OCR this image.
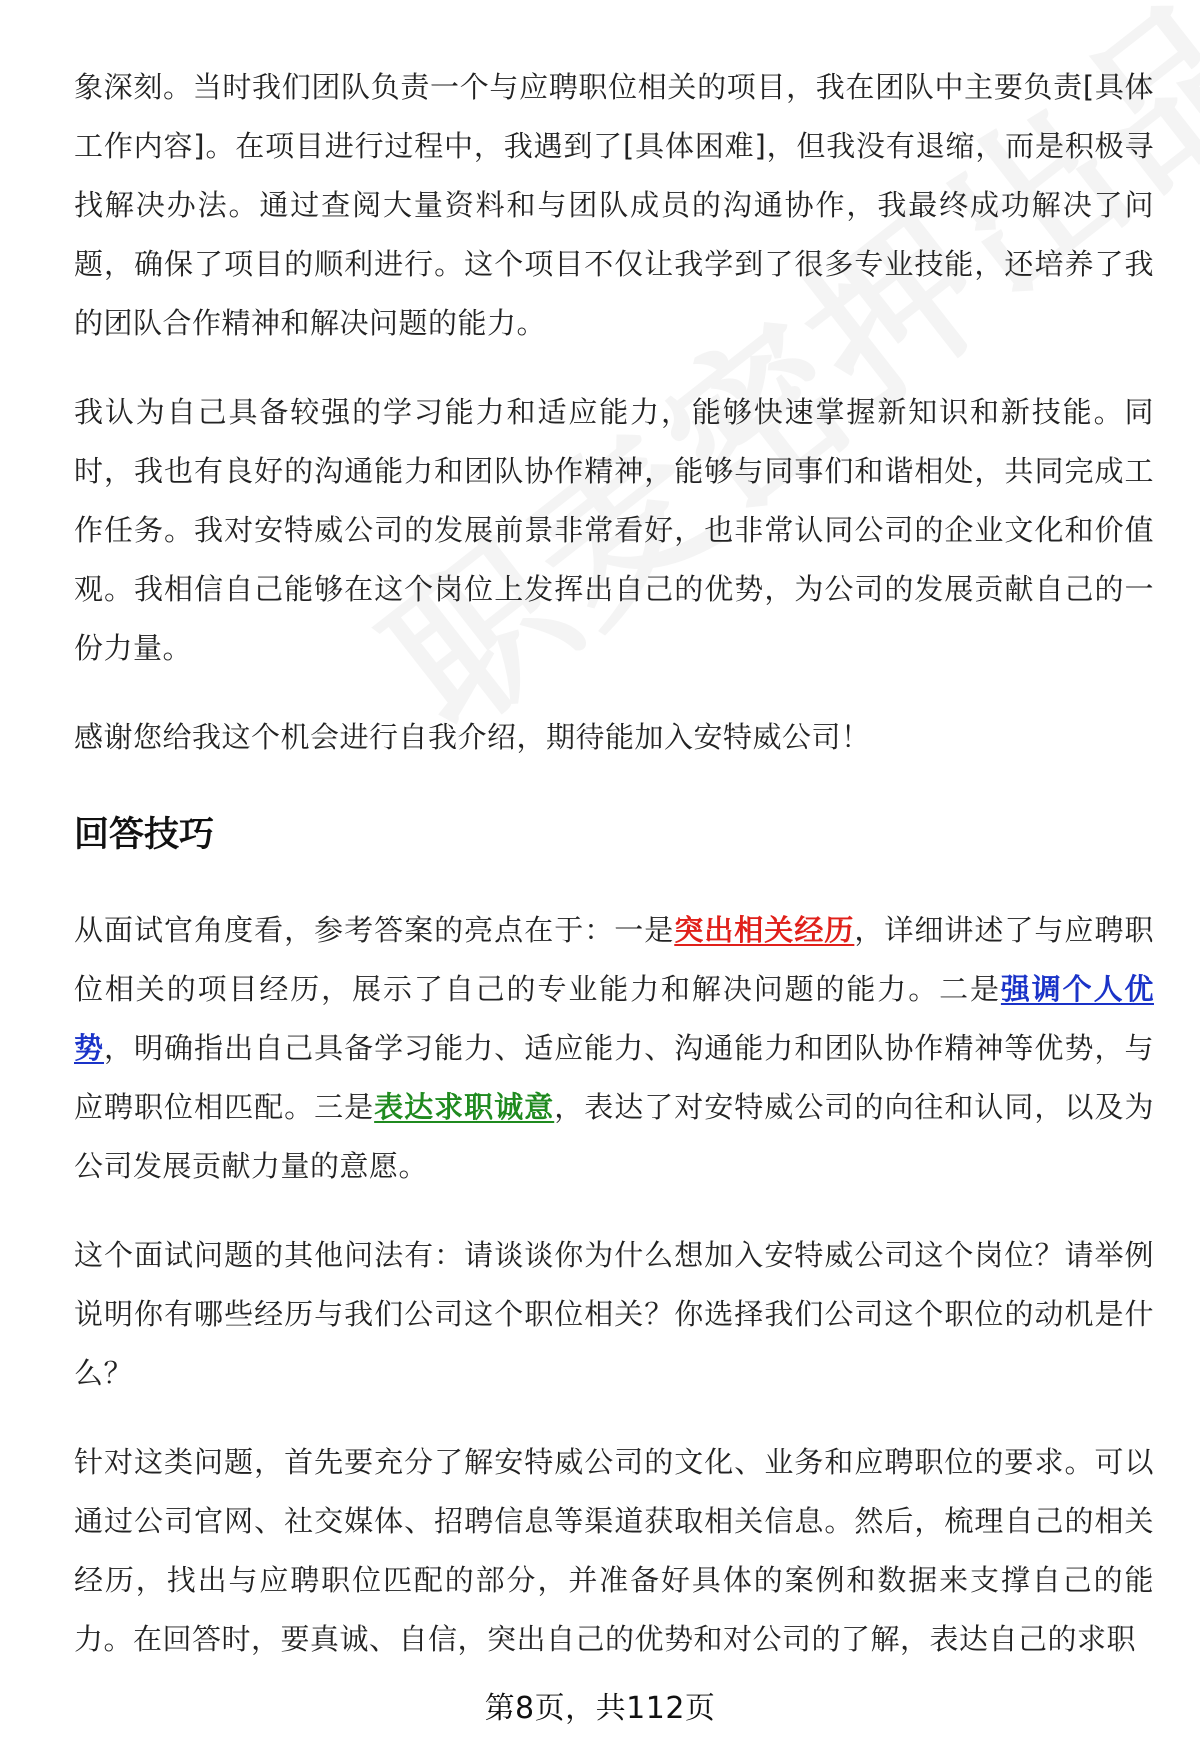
象深刻。当时我们团队负责一个与应聘职位相关的项目，我在团队中主要负责[具体工作内容]。在项目进行过程中，我遇到了[具体困难]，但我没有退缩，而是积极寻找解决办法。通过查阅大量资料和与团队成员的沟通协作，我最终成功解决了问题，确保了项目的顺利进行。这个项目不仅让我学到了很多专业技能，还培养了我的团队合作精神和解决问题的能力。

我认为自己具备较强的学习能力和适应能力，能够快速掌握新知识和新技能。同时，我也有良好的沟通能力和团队协作精神，能够与同事们和谐相处，共同完成工作任务。我对安特威公司的发展前景非常看好，也非常认同公司的企业文化和价值观。我相信自己能够在这个岗位上发挥出自己的优势，为公司的发展贡献自己的一份力量。

感谢您给我这个机会进行自我介绍，期待能加入安特威公司！

回答技巧

从面试官角度看，参考答案的亮点在于：一是突出相关经历，详细讲述了与应聘职位相关的项目经历，展示了自己的专业能力和解决问题的能力。二是强调个人优势，明确指出自己具备学习能力、适应能力、沟通能力和团队协作精神等优势，与应聘职位相匹配。三是表达求职诚意，表达了对安特威公司的向往和认同，以及为公司发展贡献力量的意愿。

这个面试问题的其他问法有：请谈谈你为什么想加入安特威公司这个岗位？请举例说明你有哪些经历与我们公司这个职位相关？你选择我们公司这个职位的动机是什么？

针对这类问题，首先要充分了解安特威公司的文化、业务和应聘职位的要求。可以通过公司官网、社交媒体、招聘信息等渠道获取相关信息。然后，梳理自己的相关经历，找出与应聘职位匹配的部分，并准备好具体的案例和数据来支撑自己的能力。在回答时，要真诚、自信，突出自己的优势和对公司的了解，表达自己的求职

第8页，共112页
